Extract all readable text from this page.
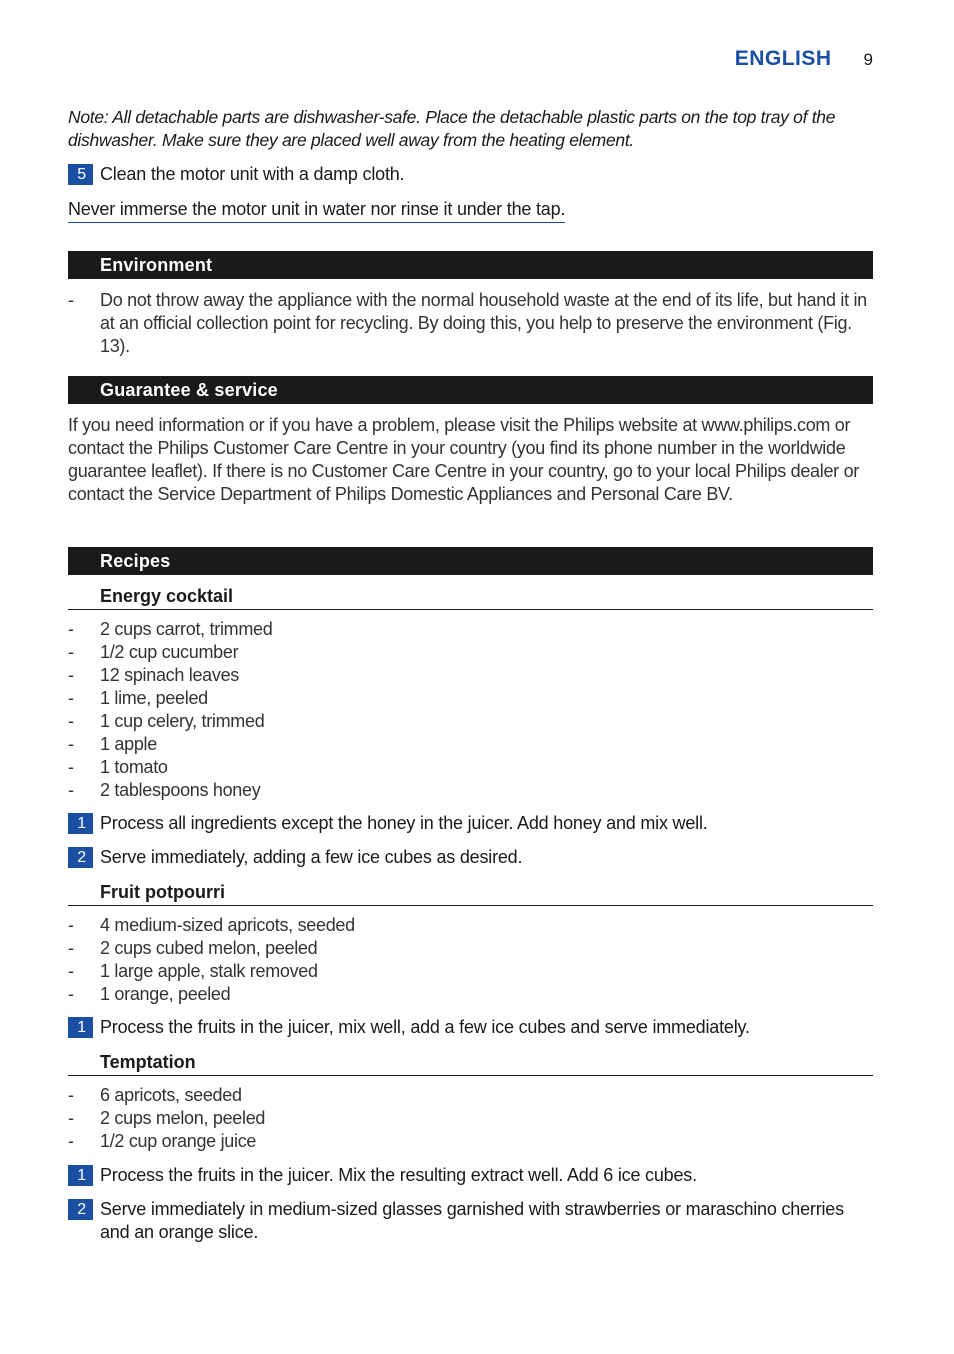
ENGLISH 9
Note: All detachable parts are dishwasher-safe. Place the detachable plastic parts on the top tray of the dishwasher. Make sure they are placed well away from the heating element.
5 Clean the motor unit with a damp cloth.
Never immerse the motor unit in water nor rinse it under the tap.
Environment
- Do not throw away the appliance with the normal household waste at the end of its life, but hand it in at an official collection point for recycling. By doing this, you help to preserve the environment (Fig. 13).
Guarantee & service
If you need information or if you have a problem, please visit the Philips website at www.philips.com or contact the Philips Customer Care Centre in your country (you find its phone number in the worldwide guarantee leaflet). If there is no Customer Care Centre in your country, go to your local Philips dealer or contact the Service Department of Philips Domestic Appliances and Personal Care BV.
Recipes
Energy cocktail
- 2 cups carrot, trimmed
- 1/2 cup cucumber
- 12 spinach leaves
- 1 lime, peeled
- 1 cup celery, trimmed
- 1 apple
- 1 tomato
- 2 tablespoons honey
1 Process all ingredients except the honey in the juicer. Add honey and mix well.
2 Serve immediately, adding a few ice cubes as desired.
Fruit potpourri
- 4 medium-sized apricots, seeded
- 2 cups cubed melon, peeled
- 1 large apple, stalk removed
- 1 orange, peeled
1 Process the fruits in the juicer, mix well, add a few ice cubes and serve immediately.
Temptation
- 6 apricots, seeded
- 2 cups melon, peeled
- 1/2 cup orange juice
1 Process the fruits in the juicer. Mix the resulting extract well. Add 6 ice cubes.
2 Serve immediately in medium-sized glasses garnished with strawberries or maraschino cherries and an orange slice.
